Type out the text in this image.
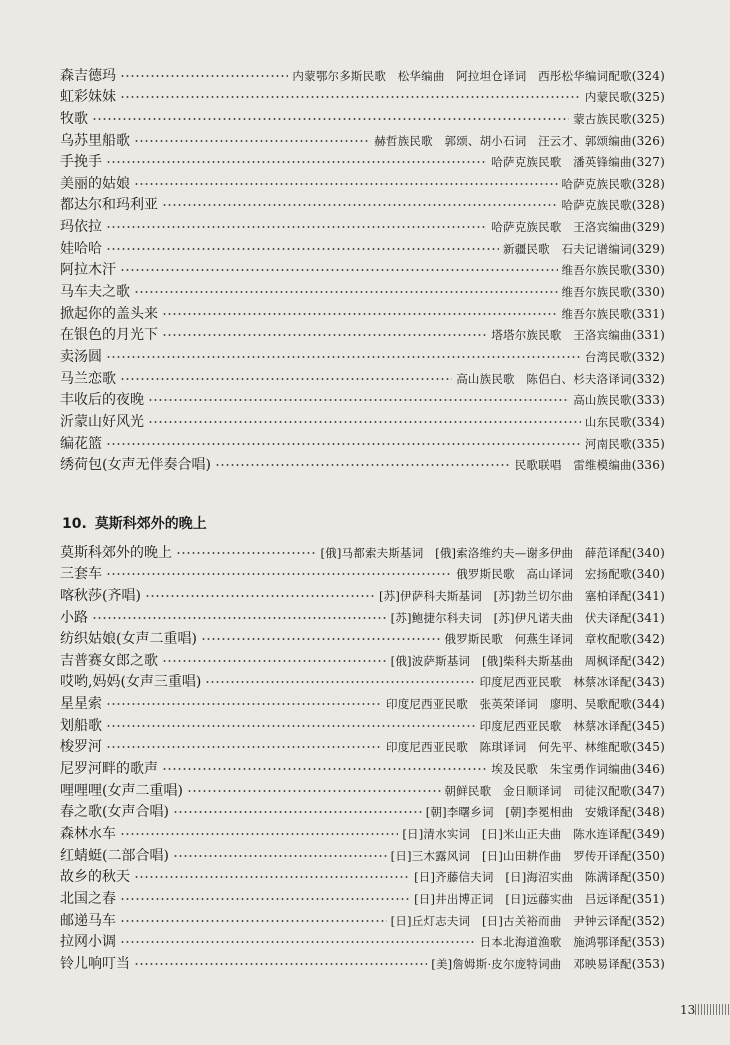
森吉德玛	内蒙鄂尔多斯民歌　松华编曲　阿拉坦仓译词　西彤松华编词配歌 (324)
虹彩妹妹	内蒙民歌 (325)
牧歌	蒙古族民歌 (325)
乌苏里船歌	赫哲族民歌　郭颂、胡小石词　汪云才、郭颂编曲 (326)
手挽手	哈萨克族民歌　潘英锋编曲 (327)
美丽的姑娘	哈萨克族民歌 (328)
都达尔和玛利亚	哈萨克族民歌 (328)
玛依拉	哈萨克族民歌　王洛宾编曲 (329)
娃哈哈	新疆民歌　石夫记谱编词 (329)
阿拉木汗	维吾尔族民歌 (330)
马车夫之歌	维吾尔族民歌 (330)
掀起你的盖头来	维吾尔族民歌 (331)
在银色的月光下	塔塔尔族民歌　王洛宾编曲 (331)
卖汤圆	台湾民歌 (332)
马兰恋歌	高山族民歌　陈侣白、杉夫洛译词 (332)
丰收后的夜晚	高山族民歌 (333)
沂蒙山好风光	山东民歌 (334)
编花篮	河南民歌 (335)
绣荷包(女声无伴奏合唱)	民歌联唱　雷维模编曲 (336)
10. 莫斯科郊外的晚上
莫斯科郊外的晚上	[俄]马都索夫斯基词　[俄]索洛维约夫—谢多伊曲　薛范译配 (340)
三套车	俄罗斯民歌　高山译词　宏扬配歌 (340)
喀秋莎(齐唱)	[苏]伊萨科夫斯基词　[苏]勃兰切尔曲　塞柏译配 (341)
小路	[苏]鲍捷尔科夫词　[苏]伊凡诺夫曲　伏夫译配 (341)
纺织姑娘(女声二重唱)	俄罗斯民歌　何燕生译词　章枚配歌 (342)
吉普赛女郎之歌	[俄]波萨斯基词　[俄]柴科夫斯基曲　周枫译配 (342)
哎哟,妈妈(女声三重唱)	印度尼西亚民歌　林蔡冰译配 (343)
星星索	印度尼西亚民歌　张英荣译词　廖明、吴歌配歌 (344)
划船歌	印度尼西亚民歌　林蔡冰译配 (345)
梭罗河	印度尼西亚民歌　陈琪译词　何先平、林维配歌 (345)
尼罗河畔的歌声	埃及民歌　朱宝勇作词编曲 (346)
哩哩哩(女声二重唱)	朝鲜民歌　金日顺译词　司徒汉配歌 (347)
春之歌(女声合唱)	[朝]李曙乡词　[朝]李冕相曲　安娥译配 (348)
森林水车	[日]清水实词　[日]米山正夫曲　陈水连译配 (349)
红蜻蜓(二部合唱)	[日]三木露风词　[日]山田耕作曲　罗传开译配 (350)
故乡的秋天	[日]齐藤信夫词　[日]海沼实曲　陈满译配 (350)
北国之春	[日]井出博正词　[日]远藤实曲　吕远译配 (351)
邮递马车	[日]丘灯志夫词　[日]古关裕而曲　尹钟云译配 (352)
拉网小调	日本北海道渔歌　施鸿鄂译配 (353)
铃儿响叮当	[美]詹姆斯·皮尔庞特词曲　邓映易译配 (353)
13
